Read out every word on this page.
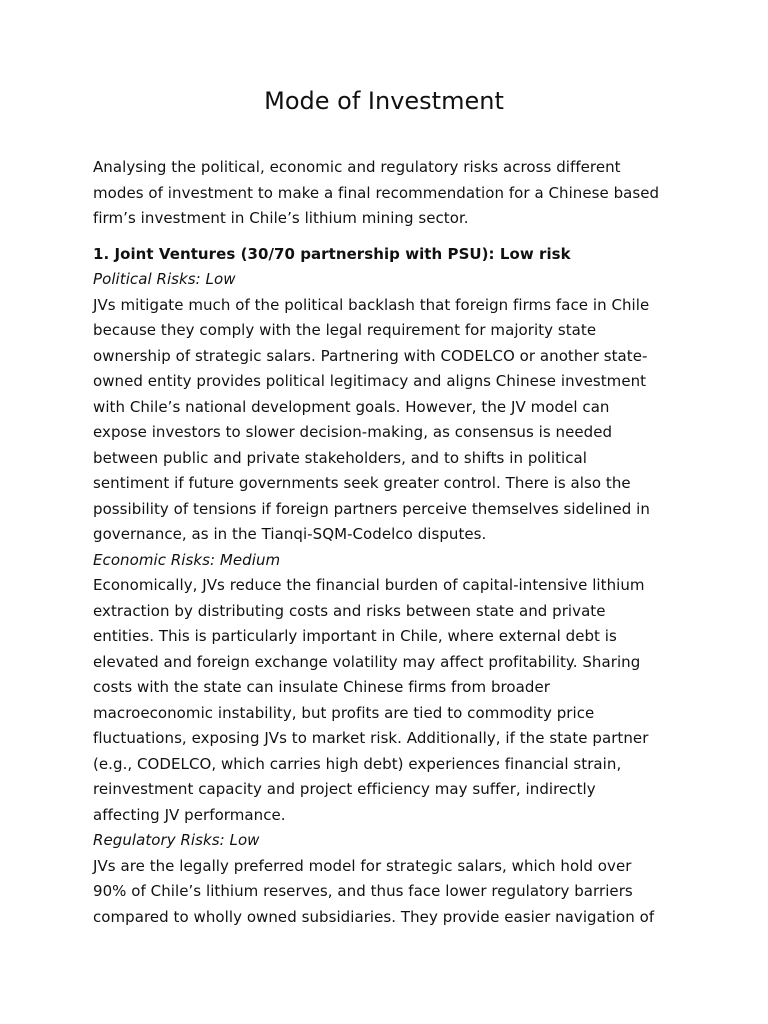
Mode of Investment
Analysing the political, economic and regulatory risks across different
modes of investment to make a final recommendation for a Chinese based
firm’s investment in Chile’s lithium mining sector.
1. Joint Ventures (30/70 partnership with PSU): Low risk
Political Risks: Low
JVs mitigate much of the political backlash that foreign firms face in Chile
because they comply with the legal requirement for majority state
ownership of strategic salars. Partnering with CODELCO or another state-
owned entity provides political legitimacy and aligns Chinese investment
with Chile’s national development goals. However, the JV model can
expose investors to slower decision-making, as consensus is needed
between public and private stakeholders, and to shifts in political
sentiment if future governments seek greater control. There is also the
possibility of tensions if foreign partners perceive themselves sidelined in
governance, as in the Tianqi-SQM-Codelco disputes.
Economic Risks: Medium
Economically, JVs reduce the financial burden of capital-intensive lithium
extraction by distributing costs and risks between state and private
entities. This is particularly important in Chile, where external debt is
elevated and foreign exchange volatility may affect profitability. Sharing
costs with the state can insulate Chinese firms from broader
macroeconomic instability, but profits are tied to commodity price
fluctuations, exposing JVs to market risk. Additionally, if the state partner
(e.g., CODELCO, which carries high debt) experiences financial strain,
reinvestment capacity and project efficiency may suffer, indirectly
affecting JV performance.
Regulatory Risks: Low
JVs are the legally preferred model for strategic salars, which hold over
90% of Chile’s lithium reserves, and thus face lower regulatory barriers
compared to wholly owned subsidiaries. They provide easier navigation of
